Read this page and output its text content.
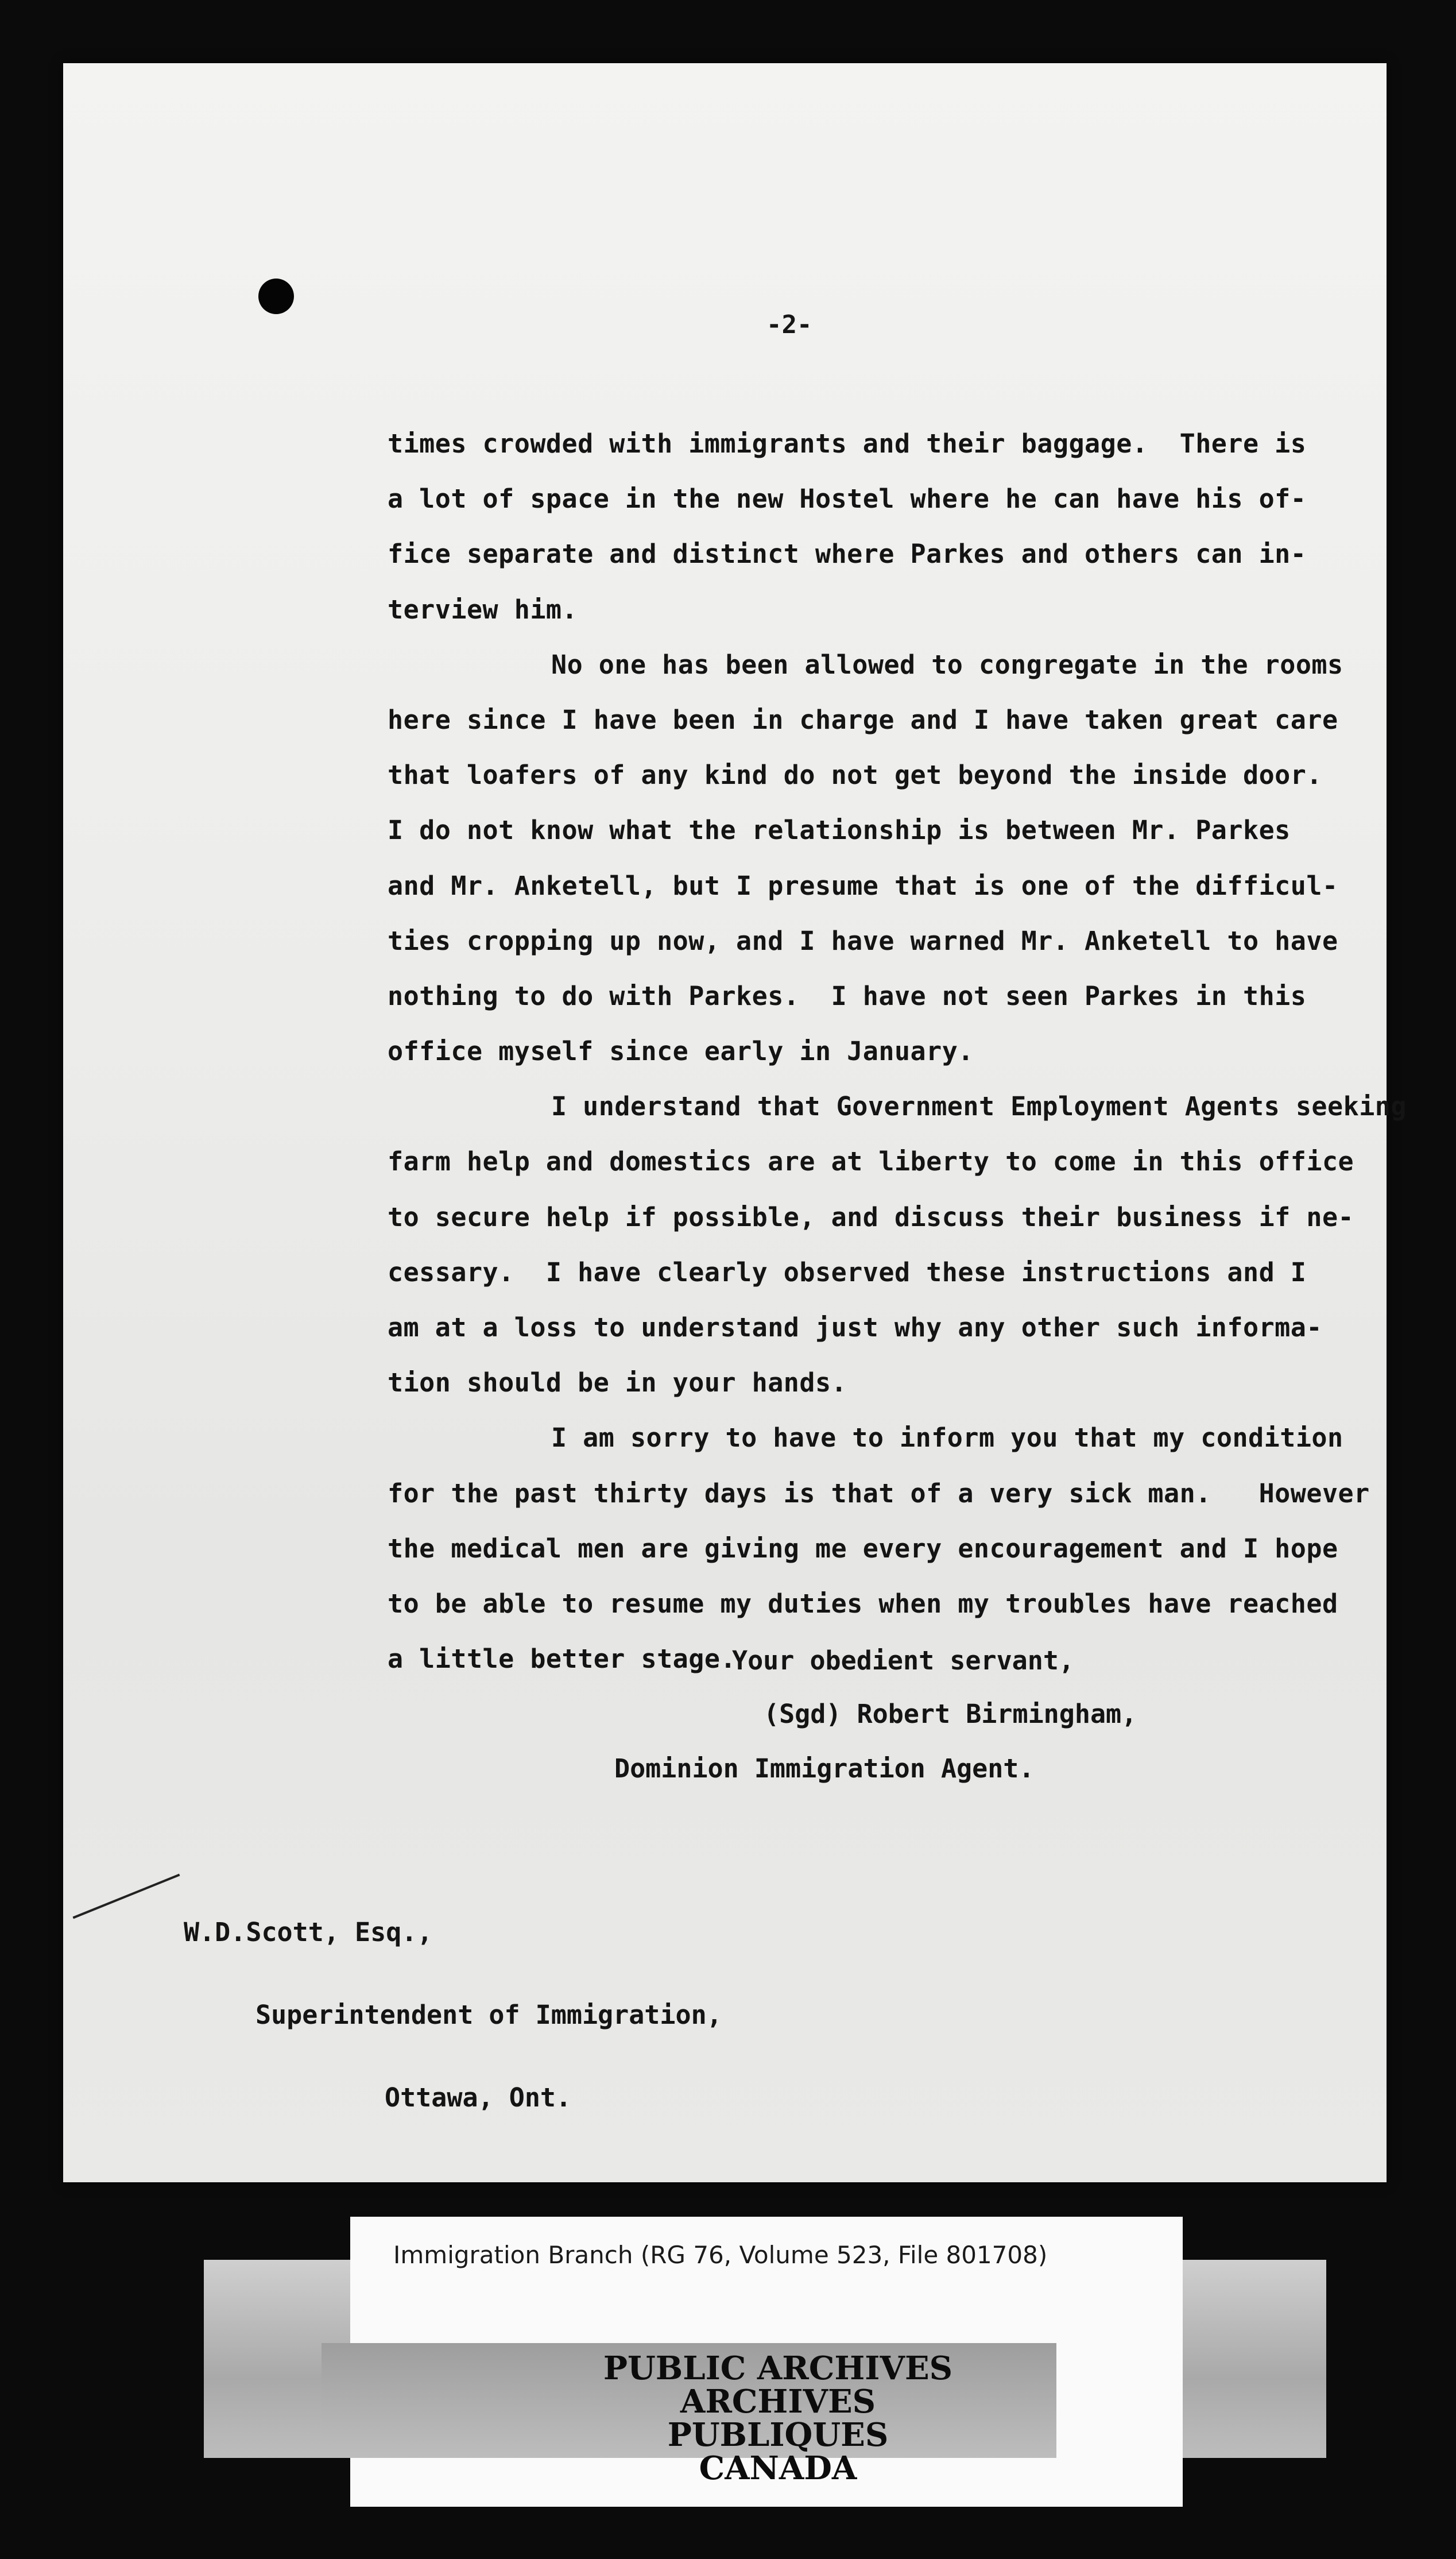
-2-
times crowded with immigrants and their baggage.  There is
a lot of space in the new Hostel where he can have his of-
fice separate and distinct where Parkes and others can in-
terview him.
No one has been allowed to congregate in the rooms
here since I have been in charge and I have taken great care
that loafers of any kind do not get beyond the inside door.
I do not know what the relationship is between Mr. Parkes
and Mr. Anketell, but I presume that is one of the difficul-
ties cropping up now, and I have warned Mr. Anketell to have
nothing to do with Parkes.  I have not seen Parkes in this
office myself since early in January.
I understand that Government Employment Agents seeking
farm help and domestics are at liberty to come in this office
to secure help if possible, and discuss their business if ne-
cessary.  I have clearly observed these instructions and I
am at a loss to understand just why any other such informa-
tion should be in your hands.
I am sorry to have to inform you that my condition
for the past thirty days is that of a very sick man.   However
the medical men are giving me every encouragement and I hope
to be able to resume my duties when my troubles have reached
a little better stage.

Your obedient servant,

(Sgd) Robert Birmingham,

Dominion Immigration Agent.

W.D.Scott, Esq.,

Superintendent of Immigration,

Ottawa, Ont.

Immigration Branch (RG 76, Volume 523, File 801708)
PUBLIC ARCHIVES
ARCHIVES PUBLIQUES
CANADA
